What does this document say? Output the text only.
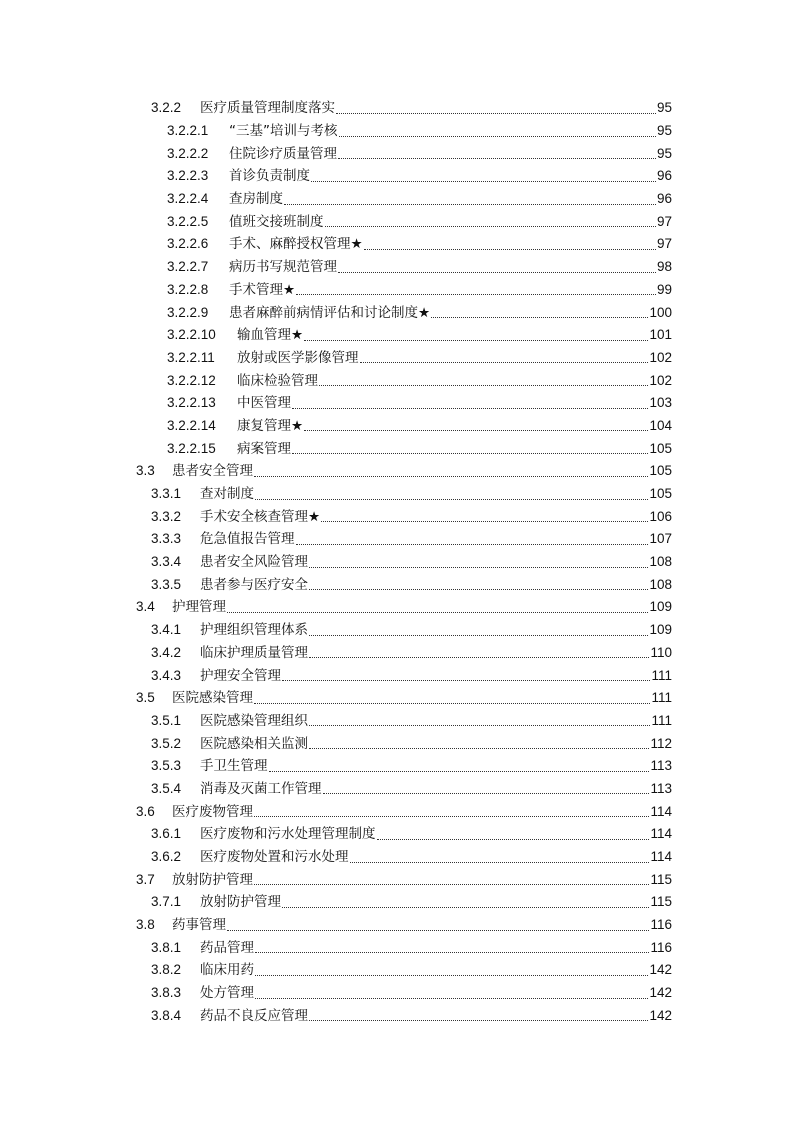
3.2.2	医疗质量管理制度落实	95
3.2.2.1	“三基”培训与考核	95
3.2.2.2	住院诊疗质量管理	95
3.2.2.3	首诊负责制度	96
3.2.2.4	查房制度	96
3.2.2.5	值班交接班制度	97
3.2.2.6	手术、麻醉授权管理★	97
3.2.2.7	病历书写规范管理	98
3.2.2.8	手术管理★	99
3.2.2.9	患者麻醉前病情评估和讨论制度★	100
3.2.2.10	输血管理★	101
3.2.2.11	放射或医学影像管理	102
3.2.2.12	临床检验管理	102
3.2.2.13	中医管理	103
3.2.2.14	康复管理★	104
3.2.2.15	病案管理	105
3.3	患者安全管理	105
3.3.1	查对制度	105
3.3.2	手术安全核查管理★	106
3.3.3	危急值报告管理	107
3.3.4	患者安全风险管理	108
3.3.5	患者参与医疗安全	108
3.4	护理管理	109
3.4.1	护理组织管理体系	109
3.4.2	临床护理质量管理	110
3.4.3	护理安全管理	111
3.5	医院感染管理	111
3.5.1	医院感染管理组织	111
3.5.2	医院感染相关监测	112
3.5.3	手卫生管理	113
3.5.4	消毒及灭菌工作管理	113
3.6	医疗废物管理	114
3.6.1	医疗废物和污水处理管理制度	114
3.6.2	医疗废物处置和污水处理	114
3.7	放射防护管理	115
3.7.1	放射防护管理	115
3.8	药事管理	116
3.8.1	药品管理	116
3.8.2	临床用药	142
3.8.3	处方管理	142
3.8.4	药品不良反应管理	142
